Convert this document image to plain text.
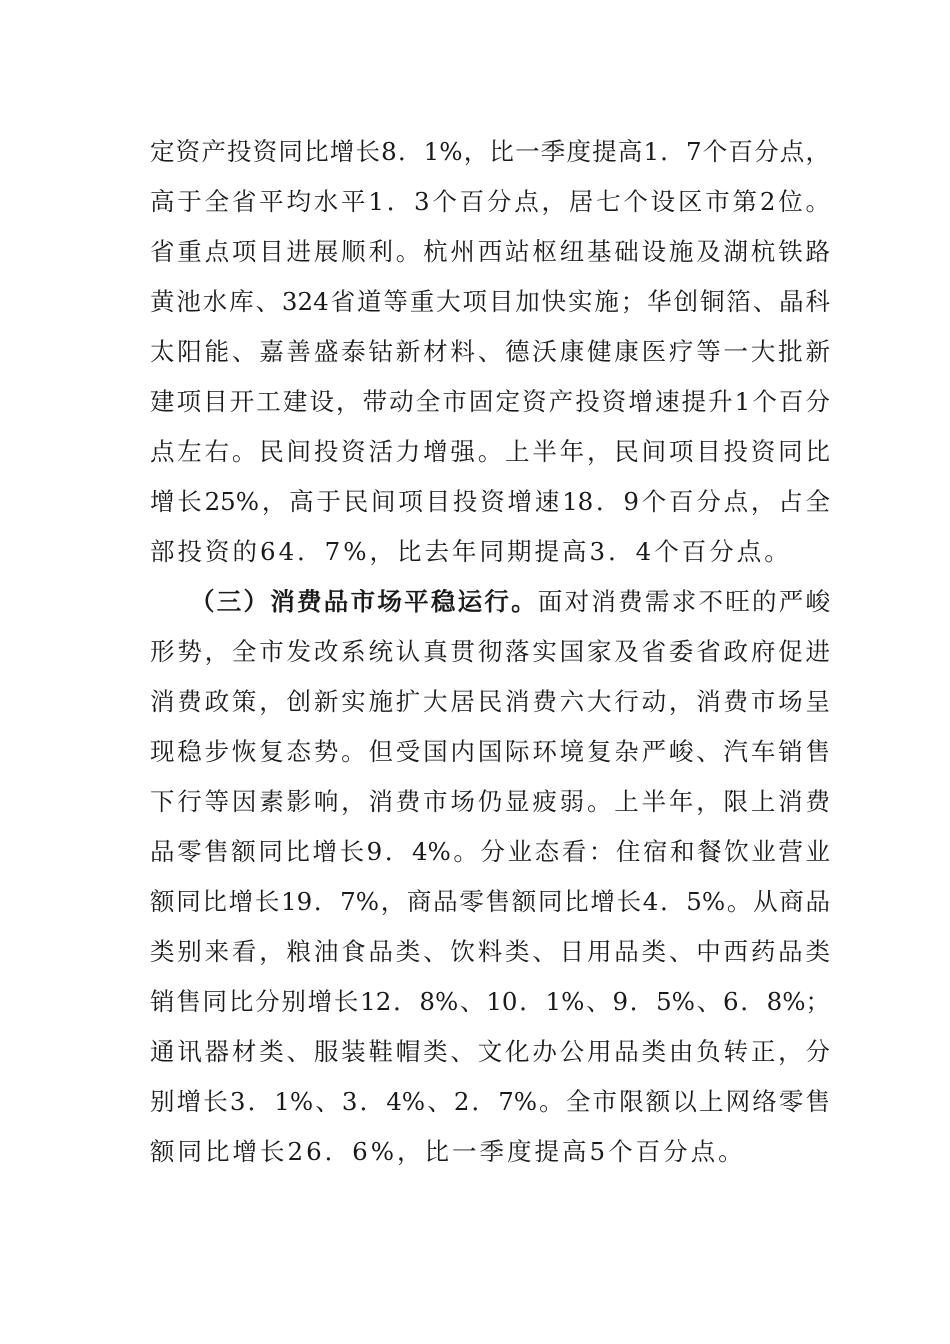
定资产投资同比增长8．1%，比一季度提高1．7个百分点，
高于全省平均水平1．3个百分点，居七个设区市第2位。
省重点项目进展顺利。杭州西站枢纽基础设施及湖杭铁路
黄池水库、324省道等重大项目加快实施；华创铜箔、晶科
太阳能、嘉善盛泰钴新材料、德沃康健康医疗等一大批新
建项目开工建设，带动全市固定资产投资增速提升1个百分
点左右。民间投资活力增强。上半年，民间项目投资同比
增长25%，高于民间项目投资增速18．9个百分点，占全
部投资的64．7%，比去年同期提高3．4个百分点。
（三）消费品市场平稳运行。面对消费需求不旺的严峻
形势，全市发改系统认真贯彻落实国家及省委省政府促进
消费政策，创新实施扩大居民消费六大行动，消费市场呈
现稳步恢复态势。但受国内国际环境复杂严峻、汽车销售
下行等因素影响，消费市场仍显疲弱。上半年，限上消费
品零售额同比增长9．4%。分业态看：住宿和餐饮业营业
额同比增长19．7%，商品零售额同比增长4．5%。从商品
类别来看，粮油食品类、饮料类、日用品类、中西药品类
销售同比分别增长12．8%、10．1%、9．5%、6．8%；
通讯器材类、服装鞋帽类、文化办公用品类由负转正，分
别增长3．1%、3．4%、2．7%。全市限额以上网络零售
额同比增长26．6%，比一季度提高5个百分点。
